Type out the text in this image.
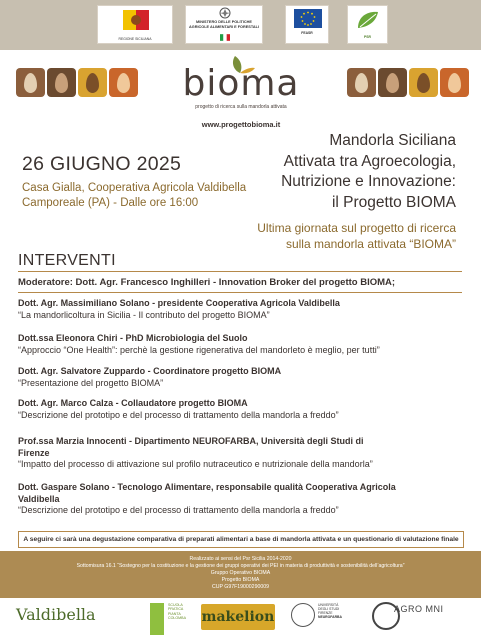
REGIONE SICILIANA
MINISTERO DELLE POLITICHE AGRICOLE ALIMENTARI E FORESTALI
FEASR
PSR
bioma
progetto di ricerca sulla mandorla attivata
www.progettobioma.it
Mandorla Siciliana
Attivata tra Agroecologia,
Nutrizione e Innovazione:
il Progetto BIOMA
Ultima giornata sul progetto di ricerca
sulla mandorla attivata “BIOMA”
26 GIUGNO 2025
Casa Gialla, Cooperativa Agricola Valdibella
Camporeale (PA) - Dalle ore 16:00
INTERVENTI
Moderatore: Dott. Agr. Francesco Inghilleri - Innovation Broker del progetto BIOMA;
Dott. Agr. Massimiliano Solano - presidente Cooperativa Agricola Valdibella
“La mandorlicoltura in Sicilia - Il contributo del progetto BIOMA”
Dott.ssa Eleonora Chiri - PhD Microbiologia del Suolo
“Approccio “One Health”: perchè la gestione rigenerativa del mandorleto è meglio, per tutti”
Dott. Agr. Salvatore Zuppardo - Coordinatore progetto BIOMA
“Presentazione del progetto BIOMA”
Dott. Agr. Marco Calza - Collaudatore progetto BIOMA
“Descrizione del prototipo e del processo di trattamento della mandorla a freddo”
Prof.ssa Marzia Innocenti - Dipartimento NEUROFARBA, Università degli Studi di
Firenze
“Impatto del processo di attivazione sul profilo nutraceutico e nutrizionale della mandorla”
Dott. Gaspare Solano - Tecnologo Alimentare, responsabile qualità Cooperativa Agricola
Valdibella
“Descrizione del prototipo e del processo di trattamento della mandorla a freddo”
A seguire ci sarà una degustazione comparativa di preparati alimentari a base di mandorla attivata e un questionario di valutazione finale

Realizzato ai sensi del Psr Sicilia 2014-2020

Sottomisura 16.1 “Sostegno per la costituzione e la gestione dei gruppi operativi dei PEI in materia di produttività e sostenibilità dell’agricoltura”

Gruppo Operativo BIOMA

Progetto BIOMA

CUP G97F19000290009

Valdibella	SCUOLA PRATICA PIANTA COLOMBA makelion
UNIVERSITÀ
DEGLI STUDI
FIRENZE
NEUROFARBA
AGRO MNI
